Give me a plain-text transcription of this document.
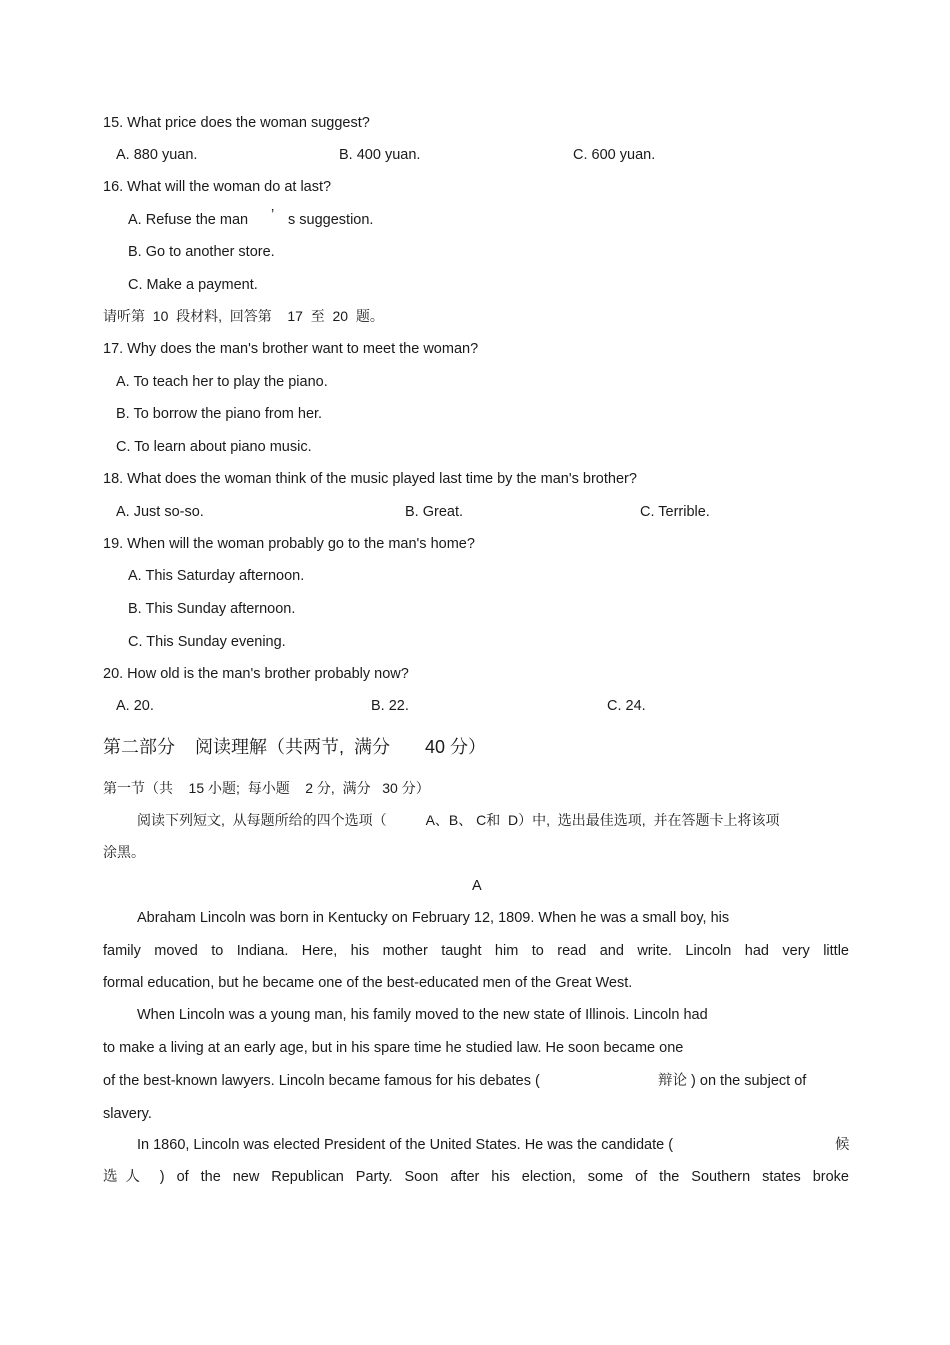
15. What price does the woman suggest?
A. 880 yuan.	B. 400 yuan.	C. 600 yuan.
16. What will the woman do at last?
A. Refuse the man ’ s suggestion.
B. Go to another store.
C. Make a payment.
请听第  10  段材料,  回答第    17  至  20  题。
17. Why does the man's brother want to meet the woman?
A. To teach her to play the piano.
B. To borrow the piano from her.
C. To learn about piano music.
18. What does the woman think of the music played last time by the man's brother?
A. Just so-so.	B. Great.	C. Terrible.
19. When will the woman probably go to the man's home?
A. This Saturday afternoon.
B. This Sunday afternoon.
C. This Sunday evening.
20. How old is the man's brother probably now?
A. 20.	B. 22.	C. 24.
第二部分    阅读理解（共两节,  满分       40 分）
第一节（共    15 小题;  每小题    2 分,  满分   30 分）
阅读下列短文,  从每题所给的四个选项（          A、B、 C和  D）中,  选出最佳选项,  并在答题卡上将该项
涂黑。
A
Abraham Lincoln was born in Kentucky on February 12, 1809. When he was a small boy, his
family moved to Indiana. Here, his mother taught him to read and write. Lincoln had very little
formal education, but he became one of the best-educated men of the Great West.
When Lincoln was a young man, his family moved to the new state of Illinois. Lincoln had
to make a living at an early age, but in his spare time he studied law. He soon became one
of the best-known lawyers. Lincoln became famous for his debates (	辩论 ) on the subject of
slavery.
In 1860, Lincoln was elected President of the United States. He was the candidate (	候
选人 ) of the new Republican Party. Soon after his election, some of the Southern states broke
